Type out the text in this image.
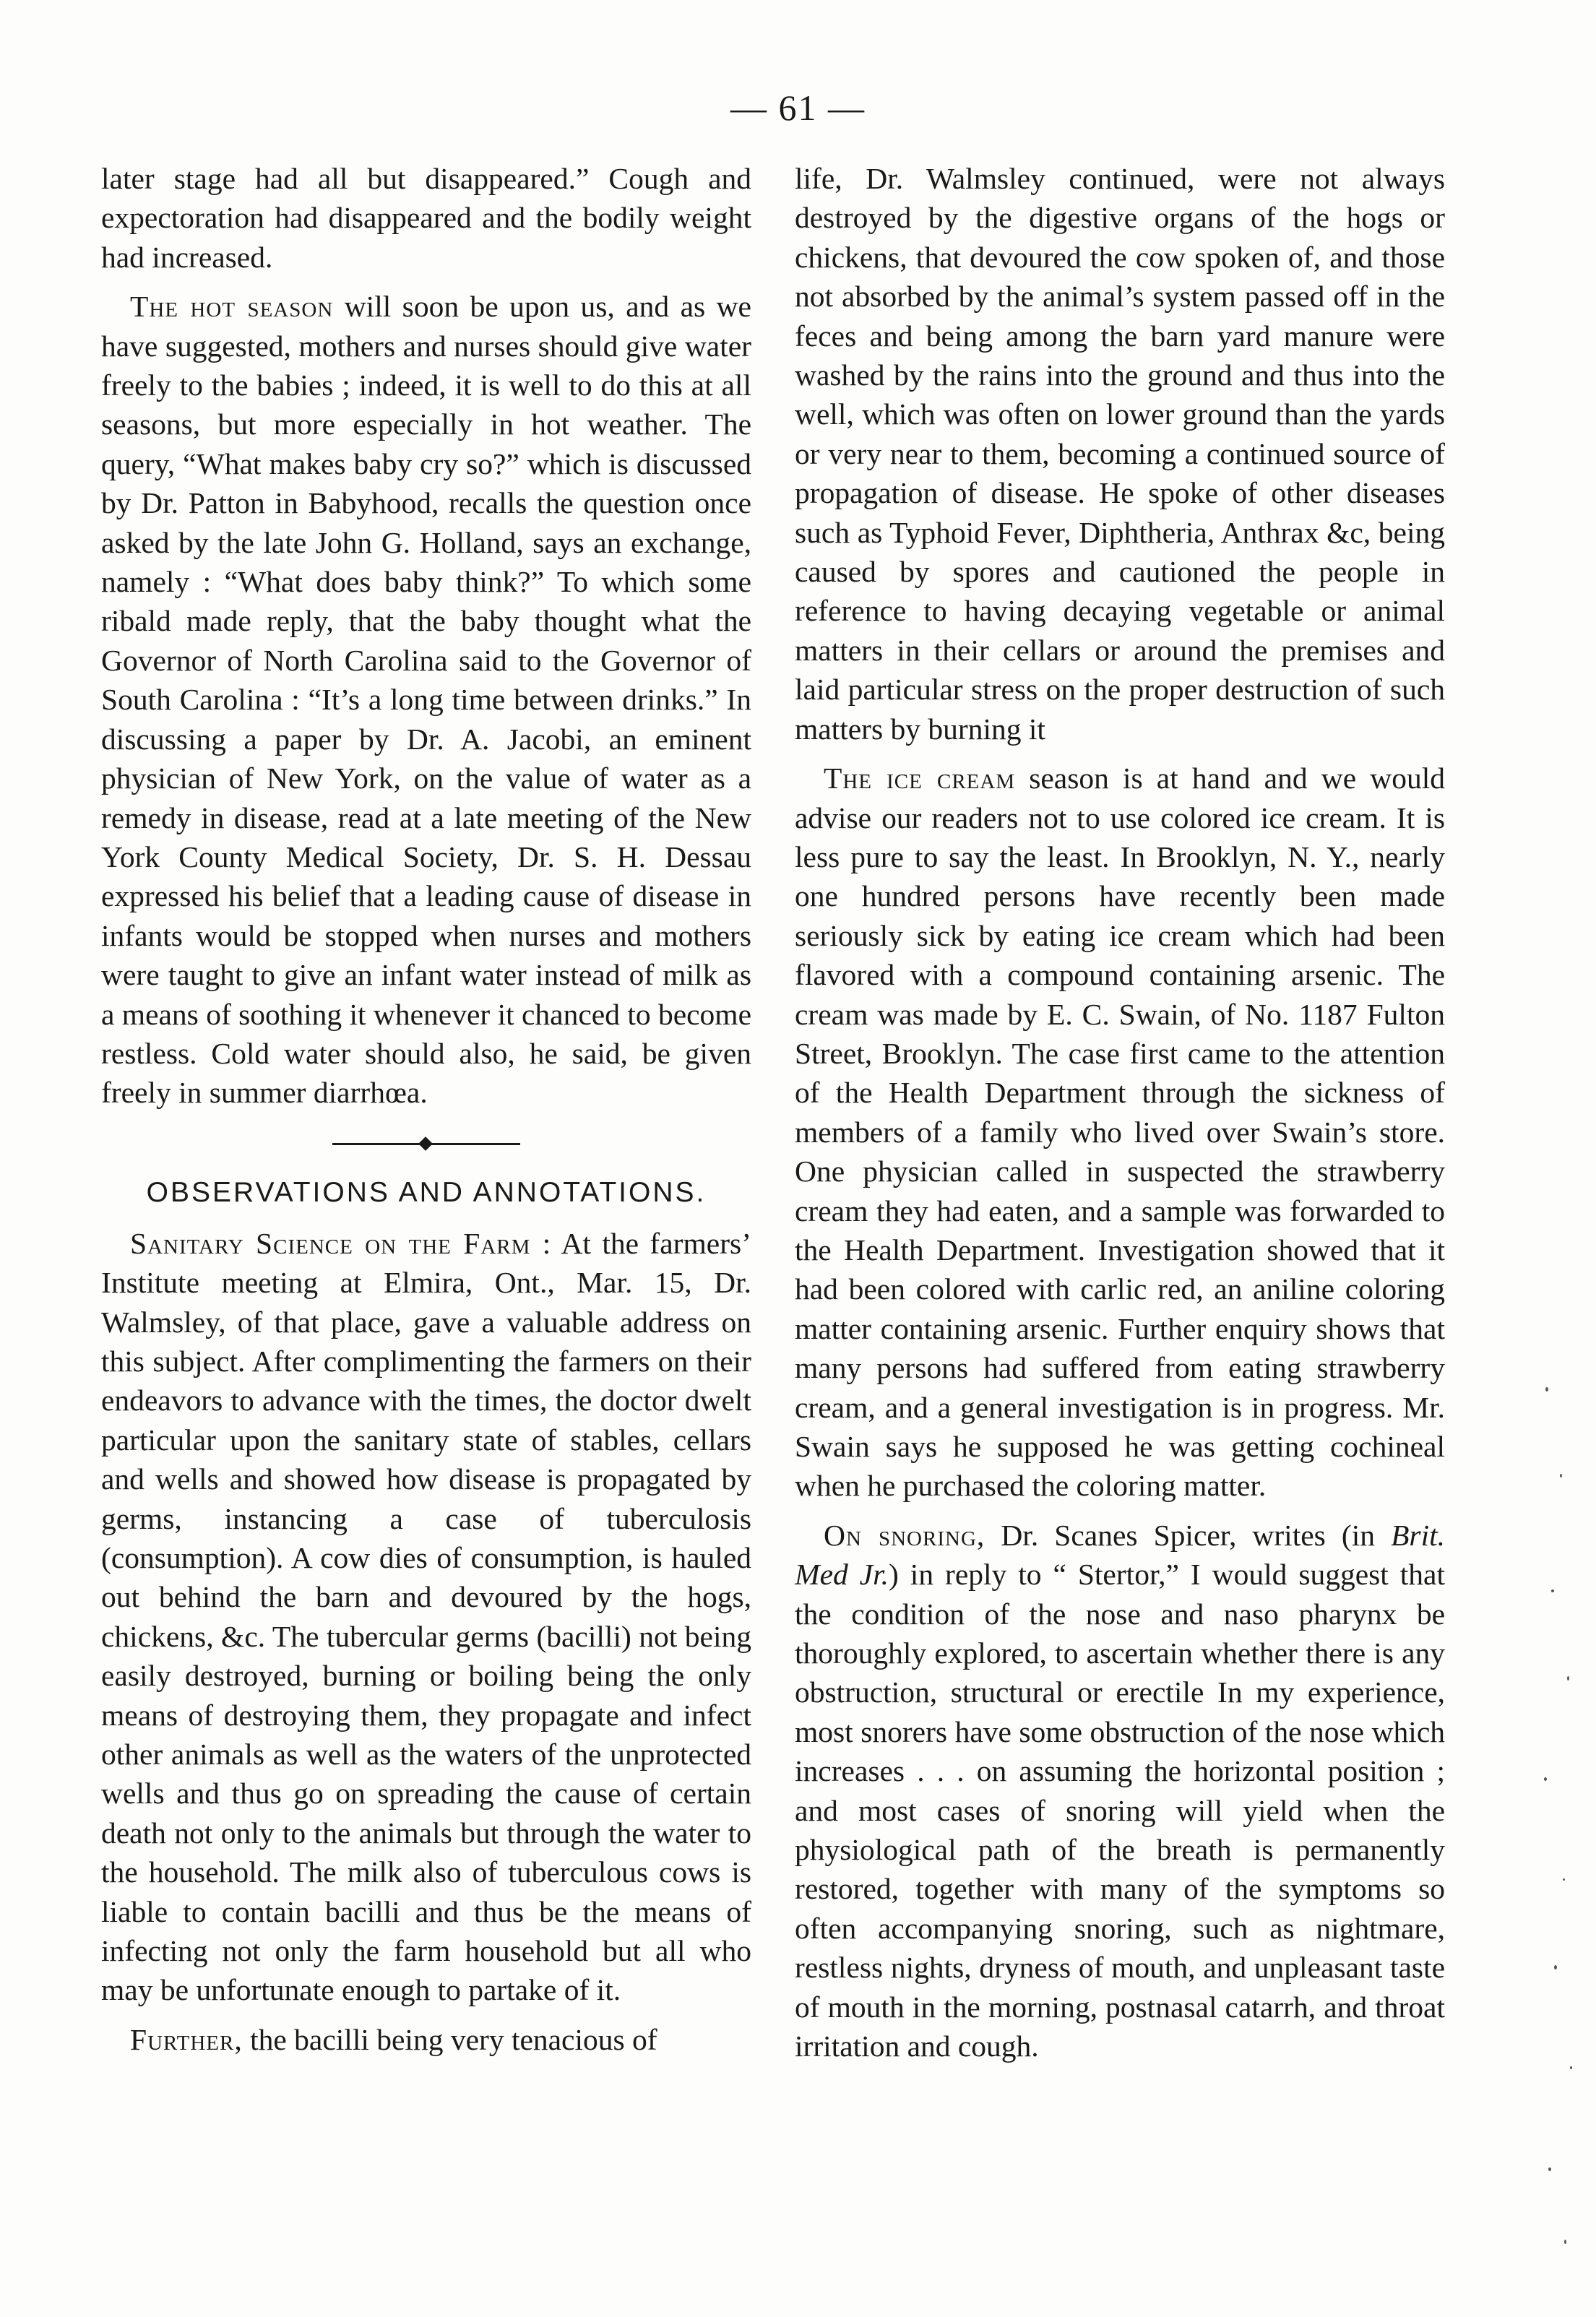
— 61 —

later stage had all but disappeared.” Cough and expectoration had disappeared and the bodily weight had increased.

The hot season will soon be upon us, and as we have suggested, mothers and nurses should give water freely to the babies ; indeed, it is well to do this at all seasons, but more especially in hot weather. The query, “What makes baby cry so?” which is discussed by Dr. Patton in Babyhood, recalls the question once asked by the late John G. Holland, says an exchange, namely : “What does baby think?” To which some ribald made reply, that the baby thought what the Governor of North Carolina said to the Governor of South Carolina : “It’s a long time between drinks.” In discussing a paper by Dr. A. Jacobi, an eminent physician of New York, on the value of water as a remedy in disease, read at a late meeting of the New York County Medical Society, Dr. S. H. Dessau expressed his belief that a leading cause of disease in infants would be stopped when nurses and mothers were taught to give an infant water instead of milk as a means of soothing it whenever it chanced to become restless. Cold water should also, he said, be given freely in summer diarrhœa.

OBSERVATIONS AND ANNOTATIONS.

Sanitary Science on the Farm : At the farmers’ Institute meeting at Elmira, Ont., Mar. 15, Dr. Walmsley, of that place, gave a valuable address on this subject. After complimenting the farmers on their endeavors to advance with the times, the doctor dwelt particular upon the sanitary state of stables, cellars and wells and showed how disease is propagated by germs, instancing a case of tuberculosis (consumption). A cow dies of consumption, is hauled out behind the barn and devoured by the hogs, chickens, &c. The tubercular germs (bacilli) not being easily destroyed, burning or boiling being the only means of destroying them, they propagate and infect other animals as well as the waters of the unprotected wells and thus go on spreading the cause of certain death not only to the animals but through the water to the household. The milk also of tuberculous cows is liable to contain bacilli and thus be the means of infecting not only the farm household but all who may be unfortunate enough to partake of it.

Further, the bacilli being very tenacious of

life, Dr. Walmsley continued, were not always destroyed by the digestive organs of the hogs or chickens, that devoured the cow spoken of, and those not absorbed by the animal’s system passed off in the feces and being among the barn yard manure were washed by the rains into the ground and thus into the well, which was often on lower ground than the yards or very near to them, becoming a continued source of propagation of disease. He spoke of other diseases such as Typhoid Fever, Diphtheria, Anthrax &c, being caused by spores and cautioned the people in reference to having decaying vegetable or animal matters in their cellars or around the premises and laid particular stress on the proper destruction of such matters by burning it

The ice cream season is at hand and we would advise our readers not to use colored ice cream. It is less pure to say the least. In Brooklyn, N. Y., nearly one hundred persons have recently been made seriously sick by eating ice cream which had been flavored with a compound containing arsenic. The cream was made by E. C. Swain, of No. 1187 Fulton Street, Brooklyn. The case first came to the attention of the Health Department through the sickness of members of a family who lived over Swain’s store. One physician called in suspected the strawberry cream they had eaten, and a sample was forwarded to the Health Department. Investigation showed that it had been colored with carlic red, an aniline coloring matter containing arsenic. Further enquiry shows that many persons had suffered from eating strawberry cream, and a general investigation is in progress. Mr. Swain says he supposed he was getting cochineal when he purchased the coloring matter.

On snoring, Dr. Scanes Spicer, writes (in Brit. Med Jr.) in reply to “ Stertor,” I would suggest that the condition of the nose and naso pharynx be thoroughly explored, to ascertain whether there is any obstruction, structural or erectile In my experience, most snorers have some obstruction of the nose which increases . . . on assuming the horizontal position ; and most cases of snoring will yield when the physiological path of the breath is permanently restored, together with many of the symptoms so often accompanying snoring, such as nightmare, restless nights, dryness of mouth, and unpleasant taste of mouth in the morning, postnasal catarrh, and throat irritation and cough.
